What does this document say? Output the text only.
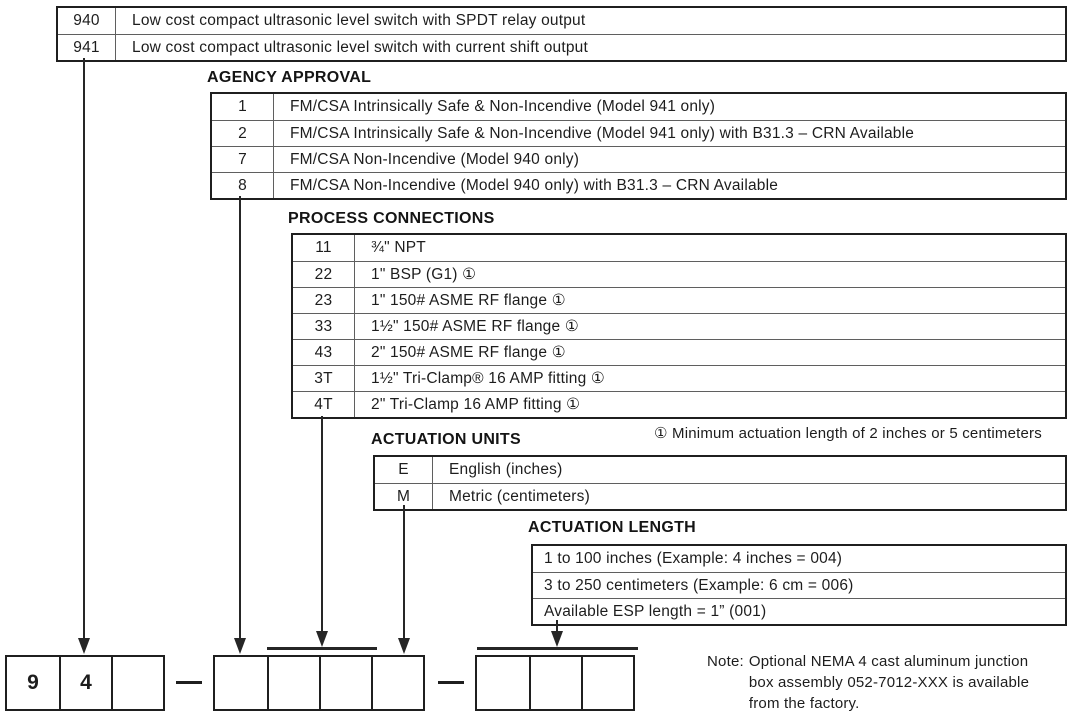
940	Low cost compact ultrasonic level switch with SPDT relay output
941	Low cost compact ultrasonic level switch with current shift output
AGENCY APPROVAL
1	FM/CSA Intrinsically Safe & Non-Incendive (Model 941 only)
2	FM/CSA Intrinsically Safe & Non-Incendive (Model 941 only) with B31.3 – CRN Available
7	FM/CSA Non-Incendive (Model 940 only)
8	FM/CSA Non-Incendive (Model 940 only) with B31.3 – CRN Available
PROCESS CONNECTIONS
11	¾" NPT
22	1" BSP (G1) ①
23	1" 150# ASME RF flange ①
33	1½" 150# ASME RF flange ①
43	2" 150# ASME RF flange ①
3T	1½" Tri-Clamp® 16 AMP fitting ①
4T	2" Tri-Clamp 16 AMP fitting ①
① Minimum actuation length of 2 inches or 5 centimeters
ACTUATION UNITS
E	English (inches)
M	Metric (centimeters)
ACTUATION LENGTH
1 to 100 inches (Example: 4 inches = 004)
3 to 250 centimeters (Example: 6 cm = 006)
Available ESP length = 1” (001)
9	4
Note: Optional NEMA 4 cast aluminum junction box assembly 052-7012-XXX is available from the factory.
